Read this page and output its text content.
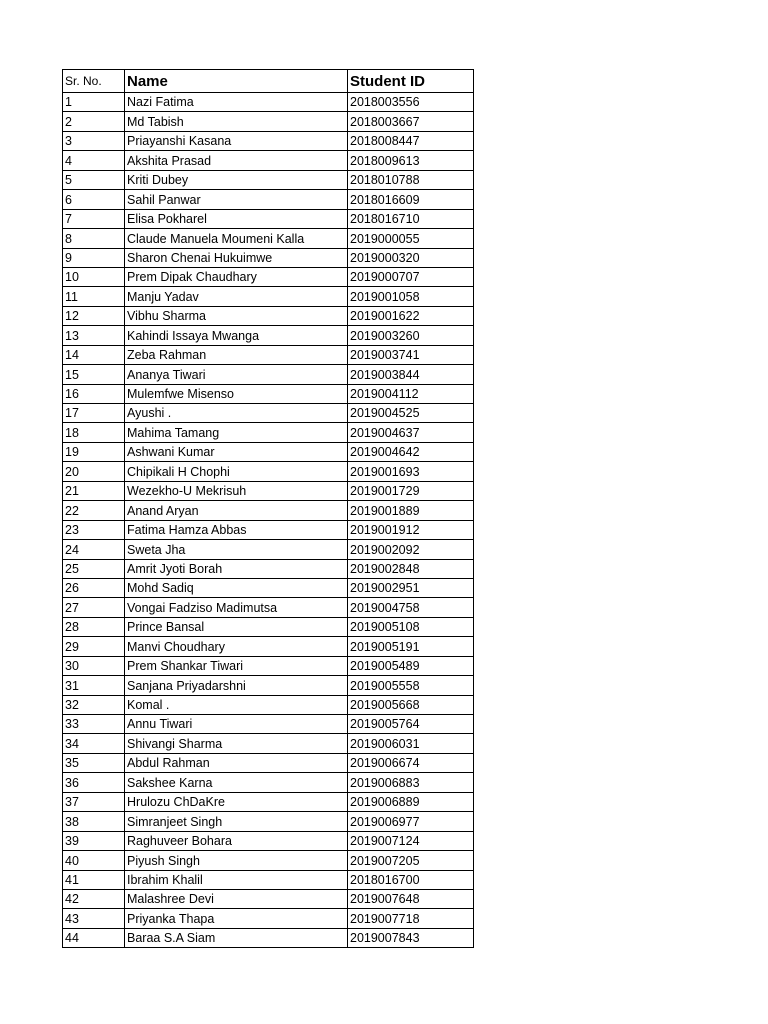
Sr. No.	Name	Student ID
1	Nazi Fatima	2018003556
2	Md Tabish	2018003667
3	Priayanshi Kasana	2018008447
4	Akshita Prasad	2018009613
5	Kriti Dubey	2018010788
6	Sahil Panwar	2018016609
7	Elisa Pokharel	2018016710
8	Claude Manuela Moumeni Kalla	2019000055
9	Sharon Chenai Hukuimwe	2019000320
10	Prem Dipak Chaudhary	2019000707
11	Manju Yadav	2019001058
12	Vibhu Sharma	2019001622
13	Kahindi Issaya Mwanga	2019003260
14	Zeba Rahman	2019003741
15	Ananya Tiwari	2019003844
16	Mulemfwe Misenso	2019004112
17	Ayushi .	2019004525
18	Mahima Tamang	2019004637
19	Ashwani Kumar	2019004642
20	Chipikali H Chophi	2019001693
21	Wezekho-U Mekrisuh	2019001729
22	Anand Aryan	2019001889
23	Fatima Hamza Abbas	2019001912
24	Sweta Jha	2019002092
25	Amrit Jyoti Borah	2019002848
26	Mohd Sadiq	2019002951
27	Vongai Fadziso Madimutsa	2019004758
28	Prince Bansal	2019005108
29	Manvi Choudhary	2019005191
30	Prem Shankar Tiwari	2019005489
31	Sanjana Priyadarshni	2019005558
32	Komal .	2019005668
33	Annu Tiwari	2019005764
34	Shivangi Sharma	2019006031
35	Abdul Rahman	2019006674
36	Sakshee Karna	2019006883
37	Hrulozu ChDaKre	2019006889
38	Simranjeet Singh	2019006977
39	Raghuveer Bohara	2019007124
40	Piyush Singh	2019007205
41	Ibrahim Khalil	2018016700
42	Malashree Devi	2019007648
43	Priyanka Thapa	2019007718
44	Baraa S.A Siam	2019007843
